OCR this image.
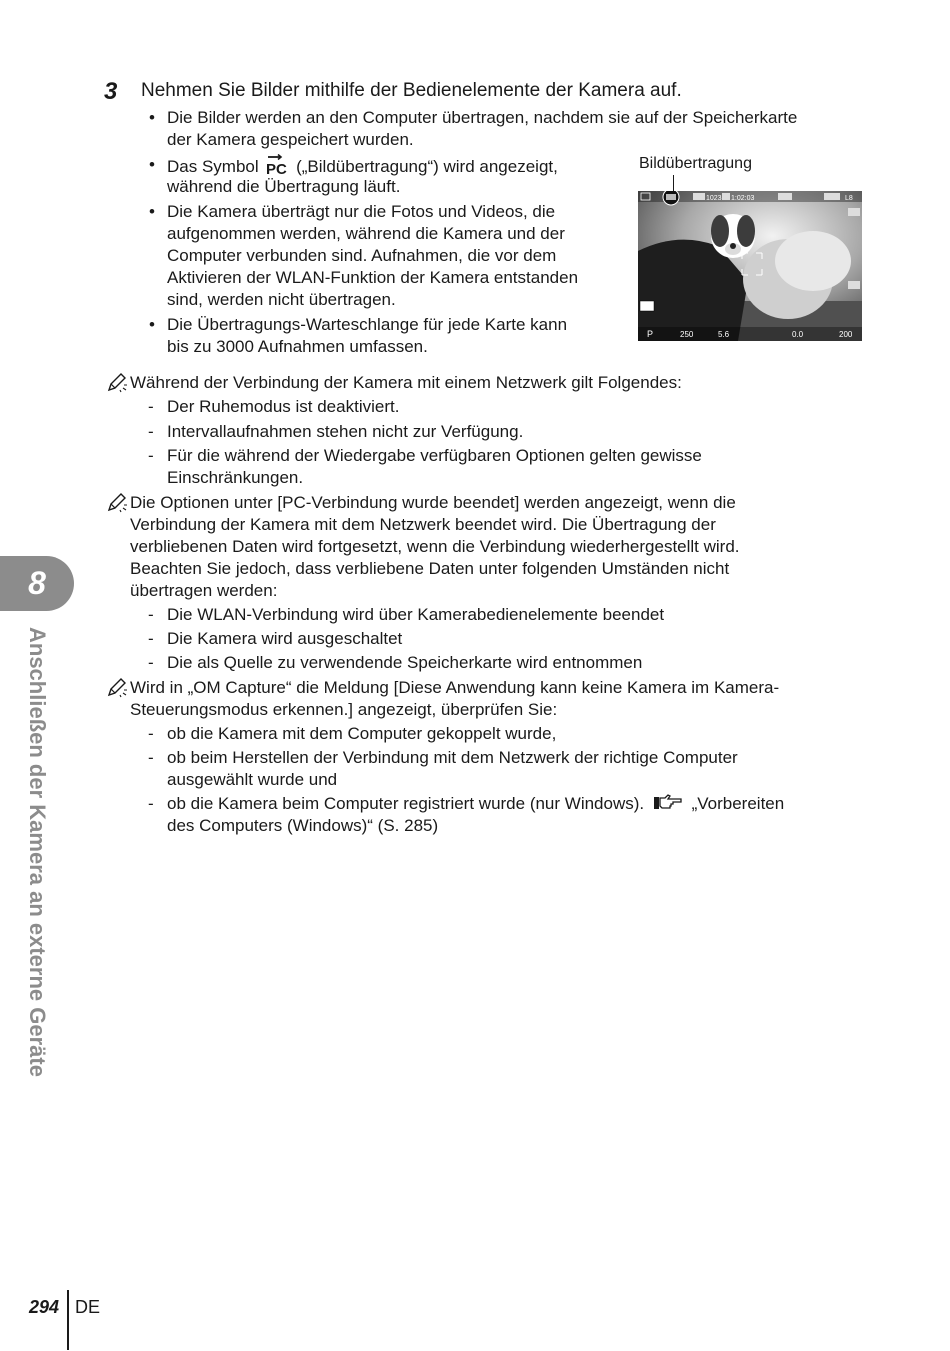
3 Nehmen Sie Bilder mithilfe der Bedienelemente der Kamera auf.
• Die Bilder werden an den Computer übertragen, nachdem sie auf der Speicherkarte
der Kamera gespeichert wurden.
• Das Symbol PC („Bildübertragung“) wird angezeigt,
während die Übertragung läuft.
• Die Kamera überträgt nur die Fotos und Videos, die
aufgenommen werden, während die Kamera und der
Computer verbunden sind. Aufnahmen, die vor dem
Aktivieren der WLAN-Funktion der Kamera entstanden
sind, werden nicht übertragen.
• Die Übertragungs-Warteschlange für jede Karte kann
bis zu 3000 Aufnahmen umfassen.
Bildübertragung
1023 1:02:03	L8
P	250	5.6	0.0	200
Während der Verbindung der Kamera mit einem Netzwerk gilt Folgendes:
- Der Ruhemodus ist deaktiviert.
- Intervallaufnahmen stehen nicht zur Verfügung.
- Für die während der Wiedergabe verfügbaren Optionen gelten gewisse
Einschränkungen.
Die Optionen unter [PC-Verbindung wurde beendet] werden angezeigt, wenn die
Verbindung der Kamera mit dem Netzwerk beendet wird. Die Übertragung der
verbliebenen Daten wird fortgesetzt, wenn die Verbindung wiederhergestellt wird.
Beachten Sie jedoch, dass verbliebene Daten unter folgenden Umständen nicht
übertragen werden:
- Die WLAN-Verbindung wird über Kamerabedienelemente beendet
- Die Kamera wird ausgeschaltet
- Die als Quelle zu verwendende Speicherkarte wird entnommen
Wird in „OM Capture“ die Meldung [Diese Anwendung kann keine Kamera im Kamera-
Steuerungsmodus erkennen.] angezeigt, überprüfen Sie:
- ob die Kamera mit dem Computer gekoppelt wurde,
- ob beim Herstellen der Verbindung mit dem Netzwerk der richtige Computer
ausgewählt wurde und
- ob die Kamera beim Computer registriert wurde (nur Windows).	„Vorbereiten
des Computers (Windows)“ (S. 285)
8
Anschließen der Kamera an externe Geräte
294 DE
